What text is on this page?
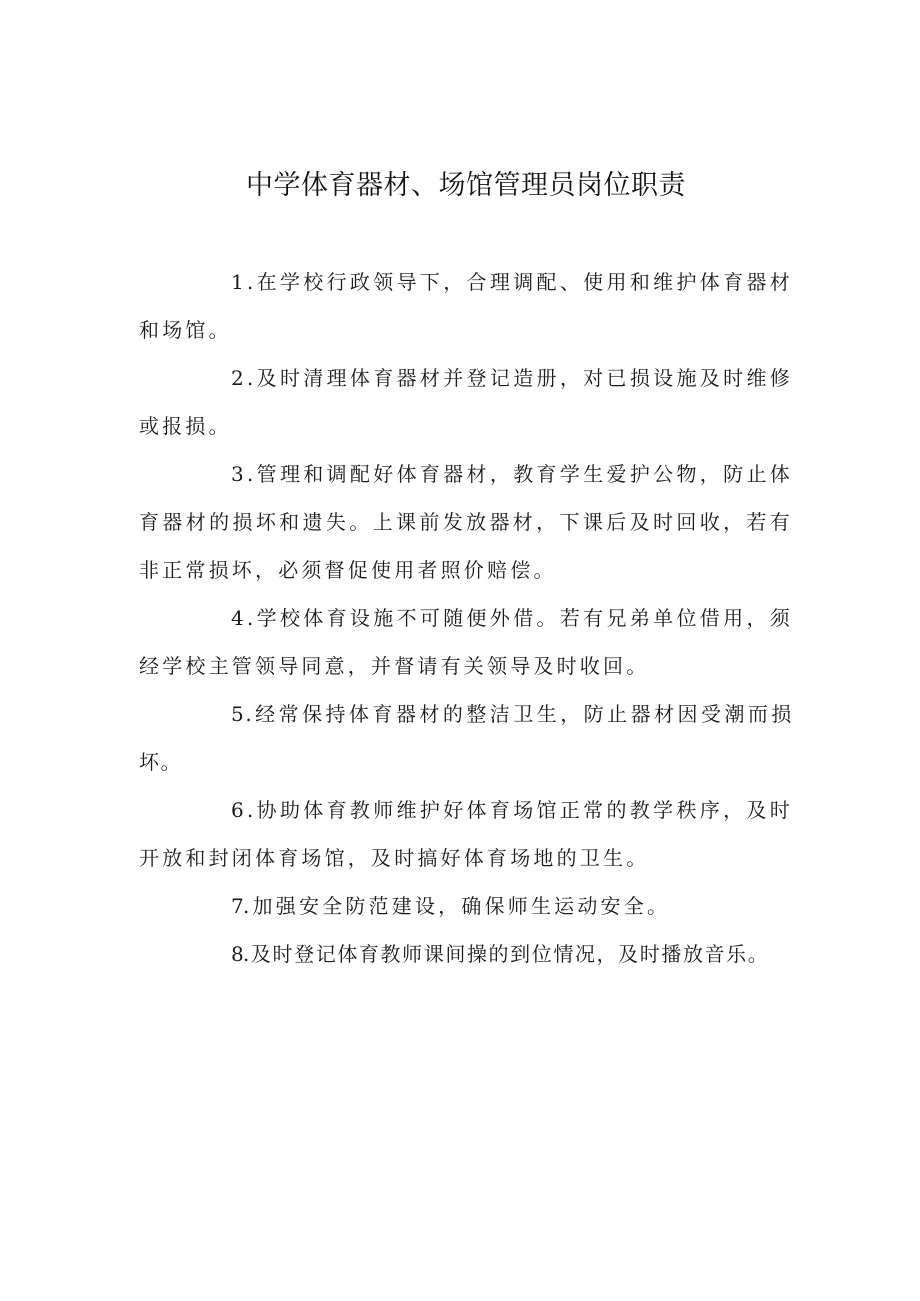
中学体育器材、场馆管理员岗位职责

1.在学校行政领导下，合理调配、使用和维护体育器材和场馆。

2.及时清理体育器材并登记造册，对已损设施及时维修或报损。

3.管理和调配好体育器材，教育学生爱护公物，防止体育器材的损坏和遗失。上课前发放器材，下课后及时回收，若有非正常损坏，必须督促使用者照价赔偿。

4.学校体育设施不可随便外借。若有兄弟单位借用，须经学校主管领导同意，并督请有关领导及时收回。

5.经常保持体育器材的整洁卫生，防止器材因受潮而损坏。

6.协助体育教师维护好体育场馆正常的教学秩序，及时开放和封闭体育场馆，及时搞好体育场地的卫生。

7.加强安全防范建设，确保师生运动安全。

8.及时登记体育教师课间操的到位情况，及时播放音乐。
